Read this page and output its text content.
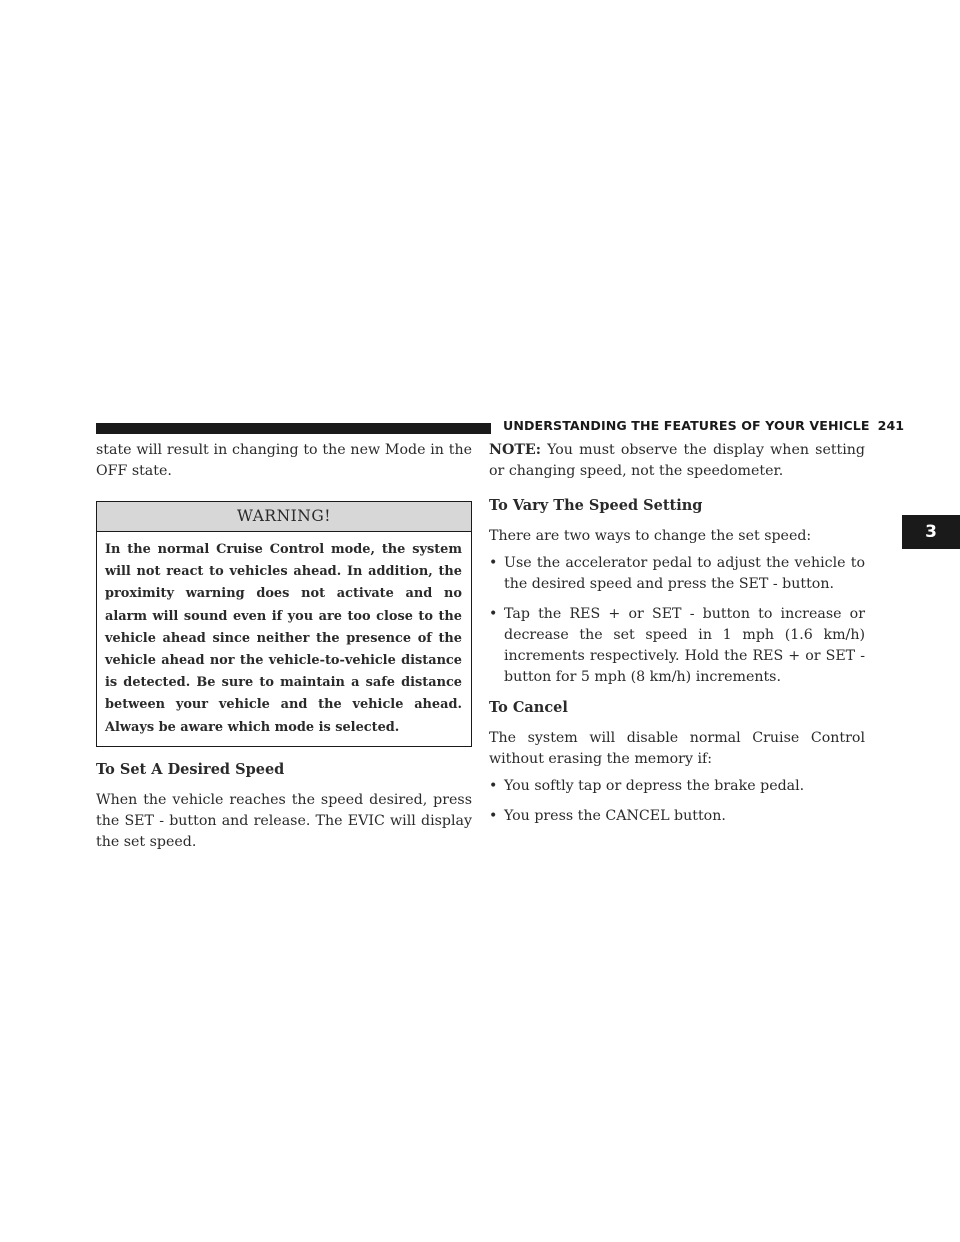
UNDERSTANDING THE FEATURES OF YOUR VEHICLE 241
3

state will result in changing to the new Mode in the OFF state.

WARNING!
In the normal Cruise Control mode, the system will not react to vehicles ahead. In addition, the proximity warning does not activate and no alarm will sound even if you are too close to the vehicle ahead since neither the presence of the vehicle ahead nor the vehicle-to-vehicle distance is detected. Be sure to maintain a safe distance between your vehicle and the vehicle ahead. Always be aware which mode is selected.
To Set A Desired Speed

When the vehicle reaches the speed desired, press the SET - button and release. The EVIC will display the set speed.

NOTE: You must observe the display when setting or changing speed, not the speedometer.

To Vary The Speed Setting

There are two ways to change the set speed:

• Use the accelerator pedal to adjust the vehicle to the desired speed and press the SET - button.
• Tap the RES + or SET - button to increase or decrease the set speed in 1 mph (1.6 km/h) increments respectively. Hold the RES + or SET - button for 5 mph (8 km/h) increments.
To Cancel

The system will disable normal Cruise Control without erasing the memory if:

• You softly tap or depress the brake pedal.
• You press the CANCEL button.
